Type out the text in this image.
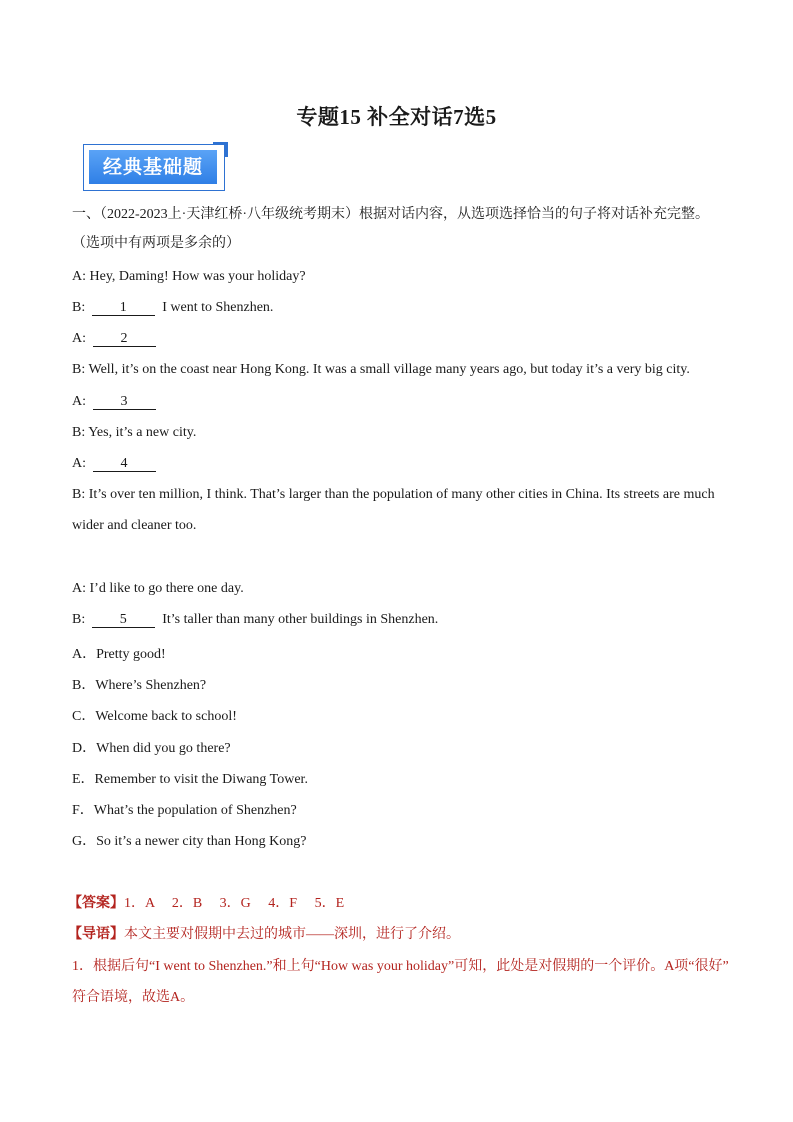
专题15 补全对话7选5
经典基础题
一、（2022-2023上·天津红桥·八年级统考期末）根据对话内容，从选项选择恰当的句子将对话补充完整。（选项中有两项是多余的）
A: Hey, Daming! How was your holiday?
B: 1	I went to Shenzhen.
A: 2
B: Well, it’s on the coast near Hong Kong. It was a small village many years ago, but today it’s a very big city.
A: 3
B: Yes, it’s a new city.
A: 4
B: It’s over ten million, I think. That’s larger than the population of many other cities in China. Its streets are much
wider and cleaner too.
A: I’d like to go there one day.
B: 5	It’s taller than many other buildings in Shenzhen.
A．Pretty good!
B．Where’s Shenzhen?
C．Welcome back to school!
D．When did you go there?
E．Remember to visit the Diwang Tower.
F．What’s the population of Shenzhen?
G．So it’s a newer city than Hong Kong?
【答案】1．A　 2．B　 3．G　 4．F　 5．E
【导语】本文主要对假期中去过的城市——深圳，进行了介绍。
1．根据后句“I went to Shenzhen.”和上句“How was your holiday”可知，此处是对假期的一个评价。A项“很好”
符合语境，故选A。
